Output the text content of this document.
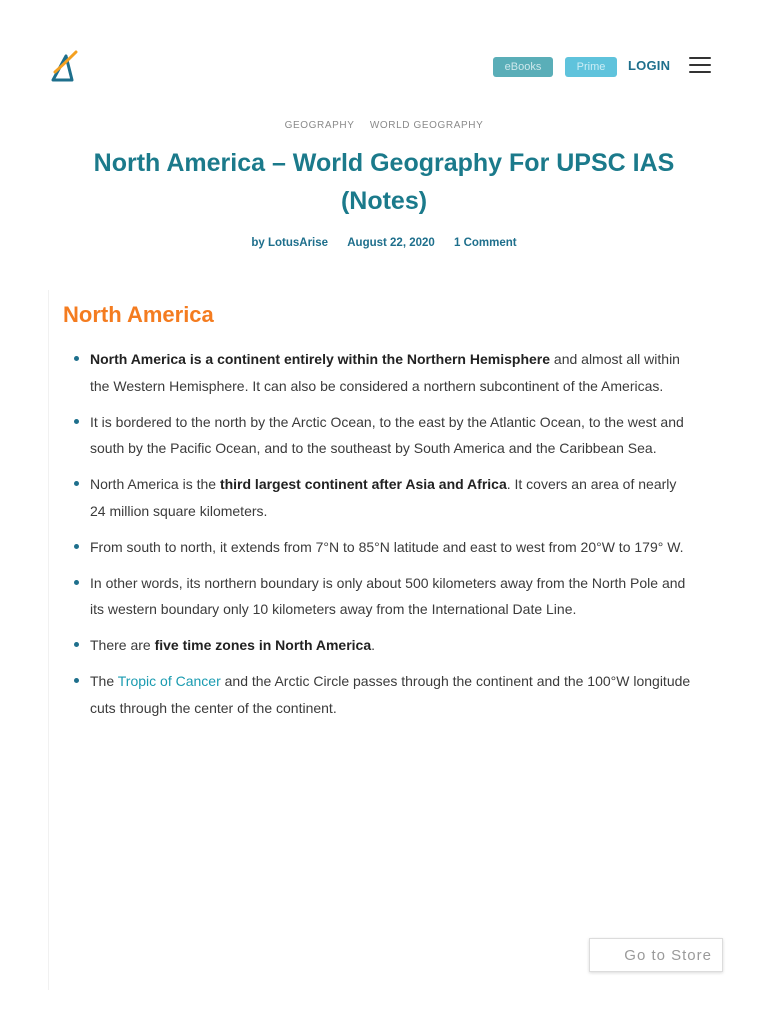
eBooks	Prime	LOGIN
GEOGRAPHY WORLD GEOGRAPHY
North America – World Geography For UPSC IAS (Notes)
by LotusArise August 22, 2020 1 Comment
North America
North America is a continent entirely within the Northern Hemisphere and almost all within the Western Hemisphere. It can also be considered a northern subcontinent of the Americas.
It is bordered to the north by the Arctic Ocean, to the east by the Atlantic Ocean, to the west and south by the Pacific Ocean, and to the southeast by South America and the Caribbean Sea.
North America is the third largest continent after Asia and Africa. It covers an area of nearly 24 million square kilometers.
From south to north, it extends from 7°N to 85°N latitude and east to west from 20°W to 179° W.
In other words, its northern boundary is only about 500 kilometers away from the North Pole and its western boundary only 10 kilometers away from the International Date Line.
There are five time zones in North America.
The Tropic of Cancer and the Arctic Circle passes through the continent and the 100°W longitude cuts through the center of the continent.
Go to Store
